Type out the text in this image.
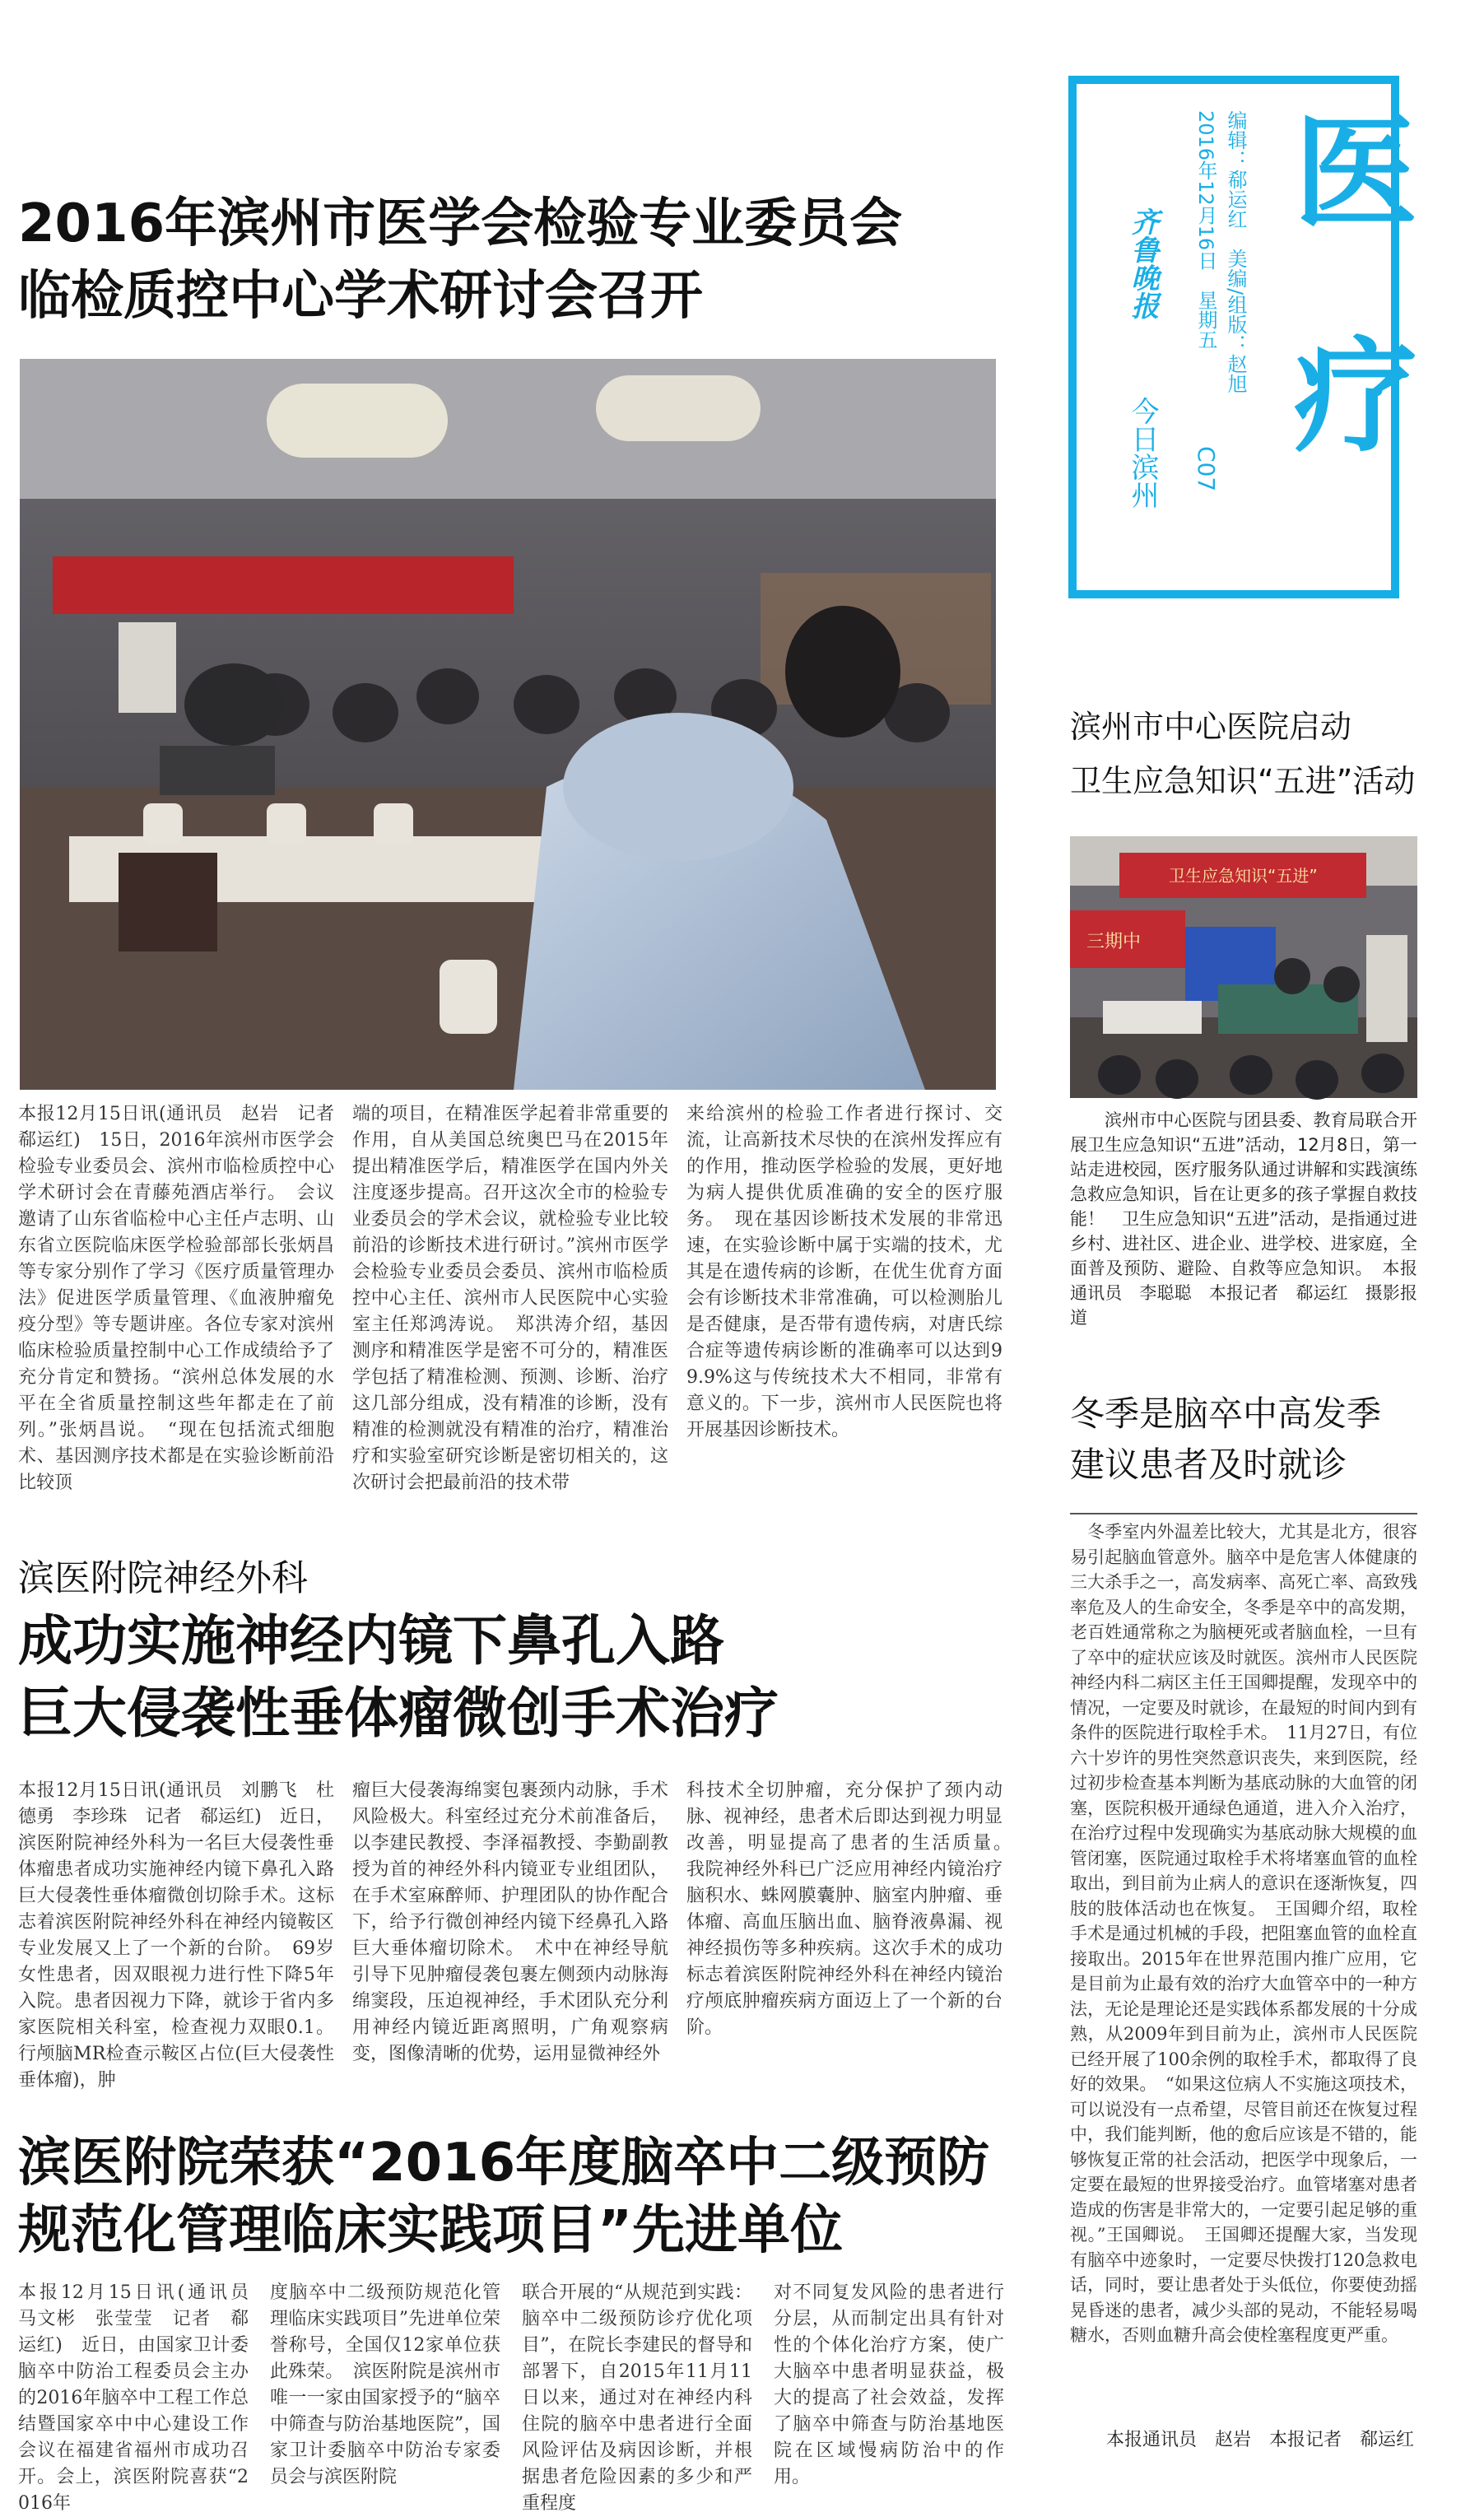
医
疗
编辑：郗运红　美编/组版：赵旭
2016年12月16日　星期五
C07
齐鲁晚报
今日滨州
2016年滨州市医学会检验专业委员会
临检质控中心学术研讨会召开
本报12月15日讯(通讯员　赵岩　记者　郗运红)　15日，2016年滨州市医学会检验专业委员会、滨州市临检质控中心学术研讨会在青藤苑酒店举行。　会议邀请了山东省临检中心主任卢志明、山东省立医院临床医学检验部部长张炳昌等专家分别作了学习《医疗质量管理办法》促进医学质量管理、《血液肿瘤免疫分型》等专题讲座。各位专家对滨州临床检验质量控制中心工作成绩给予了充分肯定和赞扬。“滨州总体发展的水平在全省质量控制这些年都走在了前列。”张炳昌说。　“现在包括流式细胞术、基因测序技术都是在实验诊断前沿比较顶
端的项目，在精准医学起着非常重要的作用，自从美国总统奥巴马在2015年提出精准医学后，精准医学在国内外关注度逐步提高。召开这次全市的检验专业委员会的学术会议，就检验专业比较前沿的诊断技术进行研讨。”滨州市医学会检验专业委员会委员、滨州市临检质控中心主任、滨州市人民医院中心实验室主任郑鸿涛说。　郑洪涛介绍，基因测序和精准医学是密不可分的，精准医学包括了精准检测、预测、诊断、治疗这几部分组成，没有精准的诊断，没有精准的检测就没有精准的治疗，精准治疗和实验室研究诊断是密切相关的，这次研讨会把最前沿的技术带
来给滨州的检验工作者进行探讨、交流，让高新技术尽快的在滨州发挥应有的作用，推动医学检验的发展，更好地为病人提供优质准确的安全的医疗服务。　现在基因诊断技术发展的非常迅速，在实验诊断中属于实端的技术，尤其是在遗传病的诊断，在优生优育方面会有诊断技术非常准确，可以检测胎儿是否健康，是否带有遗传病，对唐氏综合症等遗传病诊断的准确率可以达到99.9%这与传统技术大不相同，非常有意义的。下一步，滨州市人民医院也将开展基因诊断技术。
滨医附院神经外科
成功实施神经内镜下鼻孔入路
巨大侵袭性垂体瘤微创手术治疗
本报12月15日讯(通讯员　刘鹏飞　杜德勇　李珍珠　记者　郗运红)　近日，滨医附院神经外科为一名巨大侵袭性垂体瘤患者成功实施神经内镜下鼻孔入路巨大侵袭性垂体瘤微创切除手术。这标志着滨医附院神经外科在神经内镜鞍区专业发展又上了一个新的台阶。　69岁女性患者，因双眼视力进行性下降5年入院。患者因视力下降，就诊于省内多家医院相关科室，检查视力双眼0.1。行颅脑MR检查示鞍区占位(巨大侵袭性垂体瘤)，肿
瘤巨大侵袭海绵窦包裹颈内动脉，手术风险极大。科室经过充分术前准备后，以李建民教授、李泽福教授、李勤副教授为首的神经外科内镜亚专业组团队，在手术室麻醉师、护理团队的协作配合下，给予行微创神经内镜下经鼻孔入路巨大垂体瘤切除术。　术中在神经导航引导下见肿瘤侵袭包裹左侧颈内动脉海绵窦段，压迫视神经，手术团队充分利用神经内镜近距离照明，广角观察病变，图像清晰的优势，运用显微神经外
科技术全切肿瘤，充分保护了颈内动脉、视神经，患者术后即达到视力明显改善，明显提高了患者的生活质量。　我院神经外科已广泛应用神经内镜治疗脑积水、蛛网膜囊肿、脑室内肿瘤、垂体瘤、高血压脑出血、脑脊液鼻漏、视神经损伤等多种疾病。这次手术的成功标志着滨医附院神经外科在神经内镜治疗颅底肿瘤疾病方面迈上了一个新的台阶。
滨医附院荣获“2016年度脑卒中二级预防
规范化管理临床实践项目”先进单位
本报12月15日讯(通讯员　马文彬　张莹莹　记者　郗运红)　近日，由国家卫计委脑卒中防治工程委员会主办的2016年脑卒中工程工作总结暨国家卒中中心建设工作会议在福建省福州市成功召开。会上，滨医附院喜获“2016年
度脑卒中二级预防规范化管理临床实践项目”先进单位荣誉称号，全国仅12家单位获此殊荣。　滨医附院是滨州市唯一一家由国家授予的“脑卒中筛查与防治基地医院”，国家卫计委脑卒中防治专家委员会与滨医附院
联合开展的“从规范到实践：脑卒中二级预防诊疗优化项目”，在院长李建民的督导和部署下，自2015年11月11日以来，通过对在神经内科住院的脑卒中患者进行全面风险评估及病因诊断，并根据患者危险因素的多少和严重程度
对不同复发风险的患者进行分层，从而制定出具有针对性的个体化治疗方案，使广大脑卒中患者明显获益，极大的提高了社会效益，发挥了脑卒中筛查与防治基地医院在区域慢病防治中的作用。
滨州市中心医院启动
卫生应急知识“五进”活动
卫生应急知识“五进”
三期中
滨州市中心医院与团县委、教育局联合开展卫生应急知识“五进”活动，12月8日，第一站走进校园，医疗服务队通过讲解和实践演练急救应急知识，旨在让更多的孩子掌握自救技能！　卫生应急知识“五进”活动，是指通过进乡村、进社区、进企业、进学校、进家庭，全面普及预防、避险、自救等应急知识。　本报通讯员　李聪聪　本报记者　郗运红　摄影报道
冬季是脑卒中高发季
建议患者及时就诊
　冬季室内外温差比较大，尤其是北方，很容易引起脑血管意外。脑卒中是危害人体健康的三大杀手之一，高发病率、高死亡率、高致残率危及人的生命安全，冬季是卒中的高发期，老百姓通常称之为脑梗死或者脑血栓，一旦有了卒中的症状应该及时就医。滨州市人民医院神经内科二病区主任王国卿提醒，发现卒中的情况，一定要及时就诊，在最短的时间内到有条件的医院进行取栓手术。　11月27日，有位六十岁许的男性突然意识丧失，来到医院，经过初步检查基本判断为基底动脉的大血管的闭塞，医院积极开通绿色通道，进入介入治疗，在治疗过程中发现确实为基底动脉大规模的血管闭塞，医院通过取栓手术将堵塞血管的血栓取出，到目前为止病人的意识在逐渐恢复，四肢的肢体活动也在恢复。　王国卿介绍，取栓手术是通过机械的手段，把阻塞血管的血栓直接取出。2015年在世界范围内推广应用，它是目前为止最有效的治疗大血管卒中的一种方法，无论是理论还是实践体系都发展的十分成熟，从2009年到目前为止，滨州市人民医院已经开展了100余例的取栓手术，都取得了良好的效果。　“如果这位病人不实施这项技术，可以说没有一点希望，尽管目前还在恢复过程中，我们能判断，他的愈后应该是不错的，能够恢复正常的社会活动，把医学中现象后，一定要在最短的世界接受治疗。血管堵塞对患者造成的伤害是非常大的，一定要引起足够的重视。”王国卿说。　王国卿还提醒大家，当发现有脑卒中迹象时，一定要尽快拨打120急救电话，同时，要让患者处于头低位，你要使劲摇晃昏迷的患者，减少头部的晃动，不能轻易喝糖水，否则血糖升高会使栓塞程度更严重。
本报通讯员　赵岩　本报记者　郗运红
